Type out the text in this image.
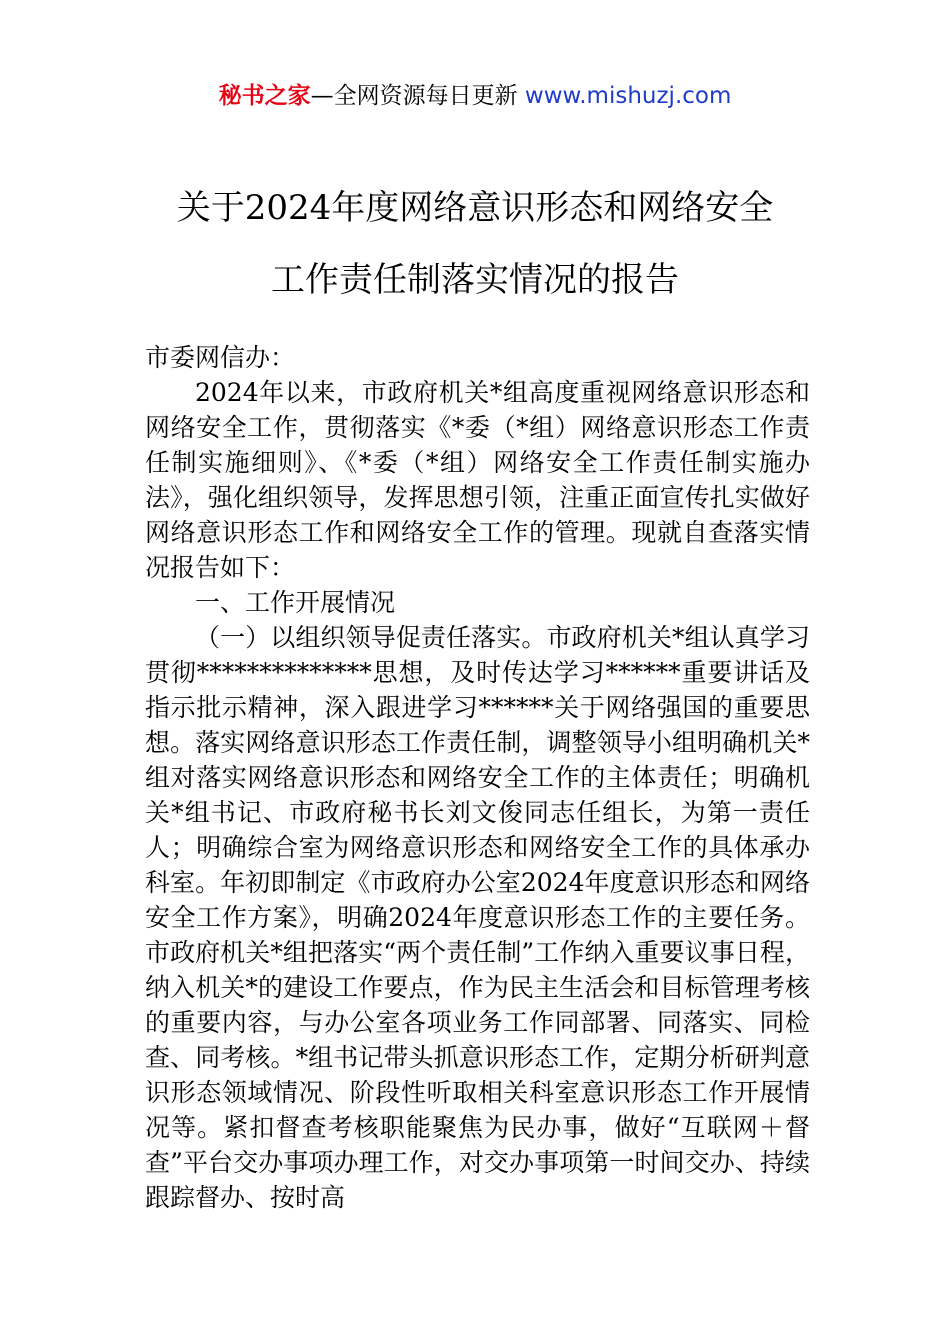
秘书之家—全网资源每日更新 www.mishuzj.com
关于2024年度网络意识形态和网络安全
工作责任制落实情况的报告

市委网信办：

2024年以来，市政府机关*组高度重视网络意识形态和网络安全工作，贯彻落实《*委（*组）网络意识形态工作责任制实施细则》、《*委（*组）网络安全工作责任制实施办法》，强化组织领导，发挥思想引领，注重正面宣传扎实做好网络意识形态工作和网络安全工作的管理。现就自查落实情况报告如下：

一、工作开展情况

（一）以组织领导促责任落实。市政府机关*组认真学习贯彻**************思想，及时传达学习******重要讲话及指示批示精神，深入跟进学习******关于网络强国的重要思想。落实网络意识形态工作责任制，调整领导小组明确机关*组对落实网络意识形态和网络安全工作的主体责任；明确机关*组书记、市政府秘书长刘文俊同志任组长，为第一责任人；明确综合室为网络意识形态和网络安全工作的具体承办科室。年初即制定《市政府办公室2024年度意识形态和网络安全工作方案》，明确2024年度意识形态工作的主要任务。市政府机关*组把落实“两个责任制”工作纳入重要议事日程，纳入机关*的建设工作要点，作为民主生活会和目标管理考核的重要内容，与办公室各项业务工作同部署、同落实、同检查、同考核。*组书记带头抓意识形态工作，定期分析研判意识形态领域情况、阶段性听取相关科室意识形态工作开展情况等。紧扣督查考核职能聚焦为民办事，做好“互联网＋督查”平台交办事项办理工作，对交办事项第一时间交办、持续跟踪督办、按时高
